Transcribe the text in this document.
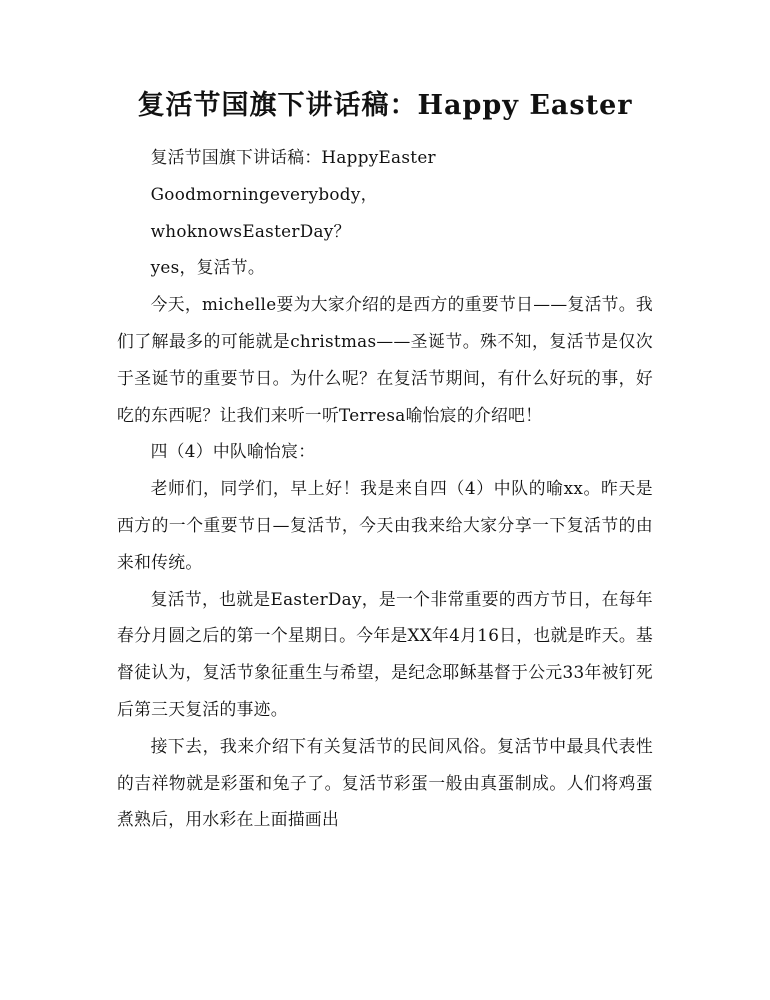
复活节国旗下讲话稿：Happy Easter

复活节国旗下讲话稿：HappyEaster

Goodmorningeverybody，

whoknowsEasterDay？

yes，复活节。

今天，michelle要为大家介绍的是西方的重要节日——复活节。我们了解最多的可能就是christmas——圣诞节。殊不知，复活节是仅次于圣诞节的重要节日。为什么呢？在复活节期间，有什么好玩的事，好吃的东西呢？让我们来听一听Terresa喻怡宸的介绍吧！

四（4）中队喻怡宸：

老师们，同学们，早上好！我是来自四（4）中队的喻xx。昨天是西方的一个重要节日—复活节，今天由我来给大家分享一下复活节的由来和传统。

复活节，也就是EasterDay，是一个非常重要的西方节日，在每年春分月圆之后的第一个星期日。今年是XX年4月16日，也就是昨天。基督徒认为，复活节象征重生与希望，是纪念耶稣基督于公元33年被钉死后第三天复活的事迹。

接下去，我来介绍下有关复活节的民间风俗。复活节中最具代表性的吉祥物就是彩蛋和兔子了。复活节彩蛋一般由真蛋制成。人们将鸡蛋煮熟后，用水彩在上面描画出
